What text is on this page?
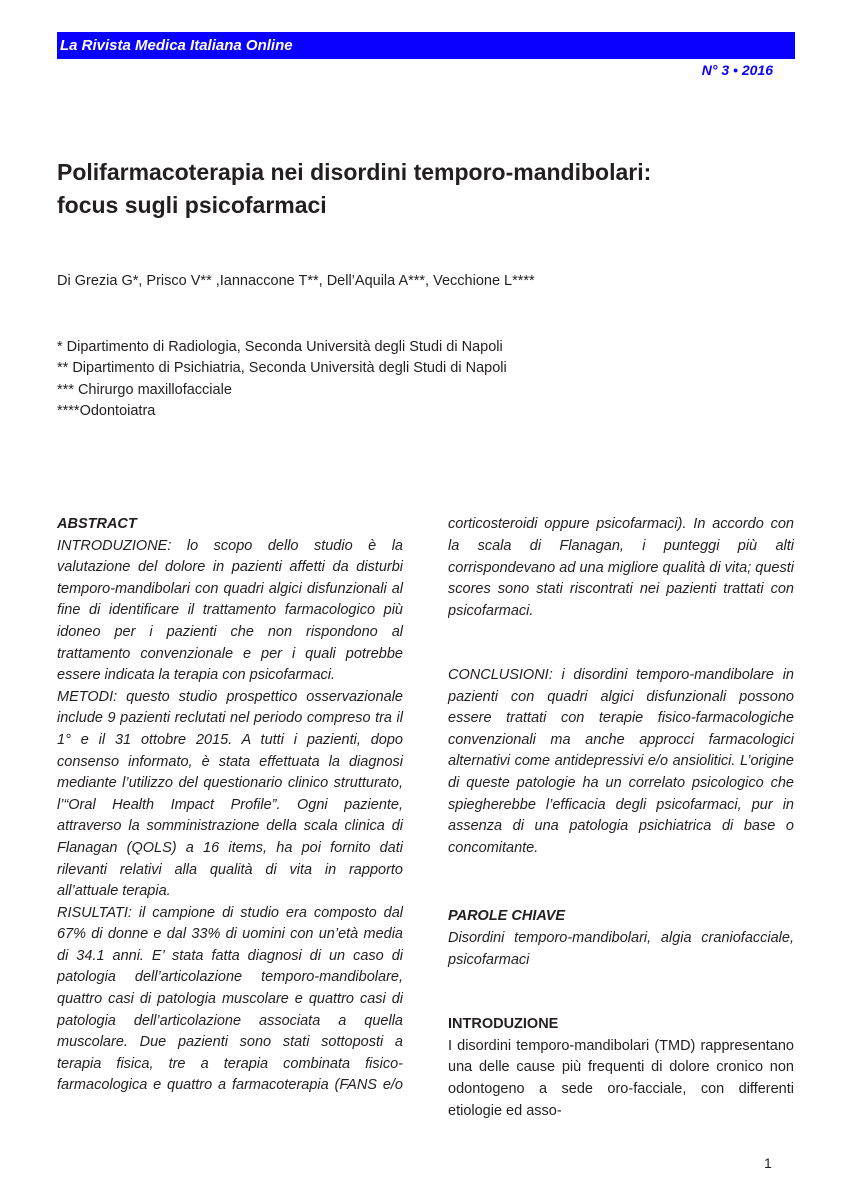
La Rivista Medica Italiana Online
N° 3 • 2016
Polifarmacoterapia nei disordini temporo-mandibolari:
focus sugli psicofarmaci
Di Grezia G*, Prisco V** ,Iannaccone T**, Dell’Aquila A***, Vecchione L****
* Dipartimento di Radiologia, Seconda Università degli Studi di Napoli
** Dipartimento di Psichiatria, Seconda Università degli Studi di Napoli
*** Chirurgo maxillofacciale
****Odontoiatra

ABSTRACT

INTRODUZIONE: lo scopo dello studio è la valutazione del dolore in pazienti affetti da disturbi temporo-mandibolari con quadri algici disfunzionali al fine di identificare il trattamento farmacologico più idoneo per i pazienti che non rispondono al trattamento convenzionale e per i quali potrebbe essere indicata la terapia con psicofarmaci.

METODI: questo studio prospettico osservazionale include 9 pazienti reclutati nel periodo compreso tra il 1° e il 31 ottobre 2015. A tutti i pazienti, dopo consenso informato, è stata effettuata la diagnosi mediante l’utilizzo del questionario clinico strutturato, l’“Oral Health Impact Profile”. Ogni paziente, attraverso la somministrazione della scala clinica di Flanagan (QOLS) a 16 items, ha poi fornito dati rilevanti relativi alla qualità di vita in rapporto all’attuale terapia.

RISULTATI: il campione di studio era composto dal 67% di donne e dal 33% di uomini con un’età media di 34.1 anni. E’ stata fatta diagnosi di un caso di patologia dell’articolazione temporo-mandibolare, quattro casi di patologia muscolare e quattro casi di patologia dell’articolazione associata a quella muscolare. Due pazienti sono stati sottoposti a terapia fisica, tre a terapia combinata fisico-farmacologica e quattro a farmacoterapia (FANS e/o

corticosteroidi oppure psicofarmaci). In accordo con la scala di Flanagan, i punteggi più alti corrispondevano ad una migliore qualità di vita; questi scores sono stati riscontrati nei pazienti trattati con psicofarmaci.

CONCLUSIONI: i disordini temporo-mandibolare in pazienti con quadri algici disfunzionali possono essere trattati con terapie fisico-farmacologiche convenzionali ma anche approcci farmacologici alternativi come antidepressivi e/o ansiolitici. L’origine di queste patologie ha un correlato psicologico che spiegherebbe l’efficacia degli psicofarmaci, pur in assenza di una patologia psichiatrica di base o concomitante.

PAROLE CHIAVE

Disordini temporo-mandibolari, algia craniofacciale, psicofarmaci

INTRODUZIONE

I disordini temporo-mandibolari (TMD) rappresentano una delle cause più frequenti di dolore cronico non odontogeno a sede oro-facciale, con differenti etiologie ed asso-

1
